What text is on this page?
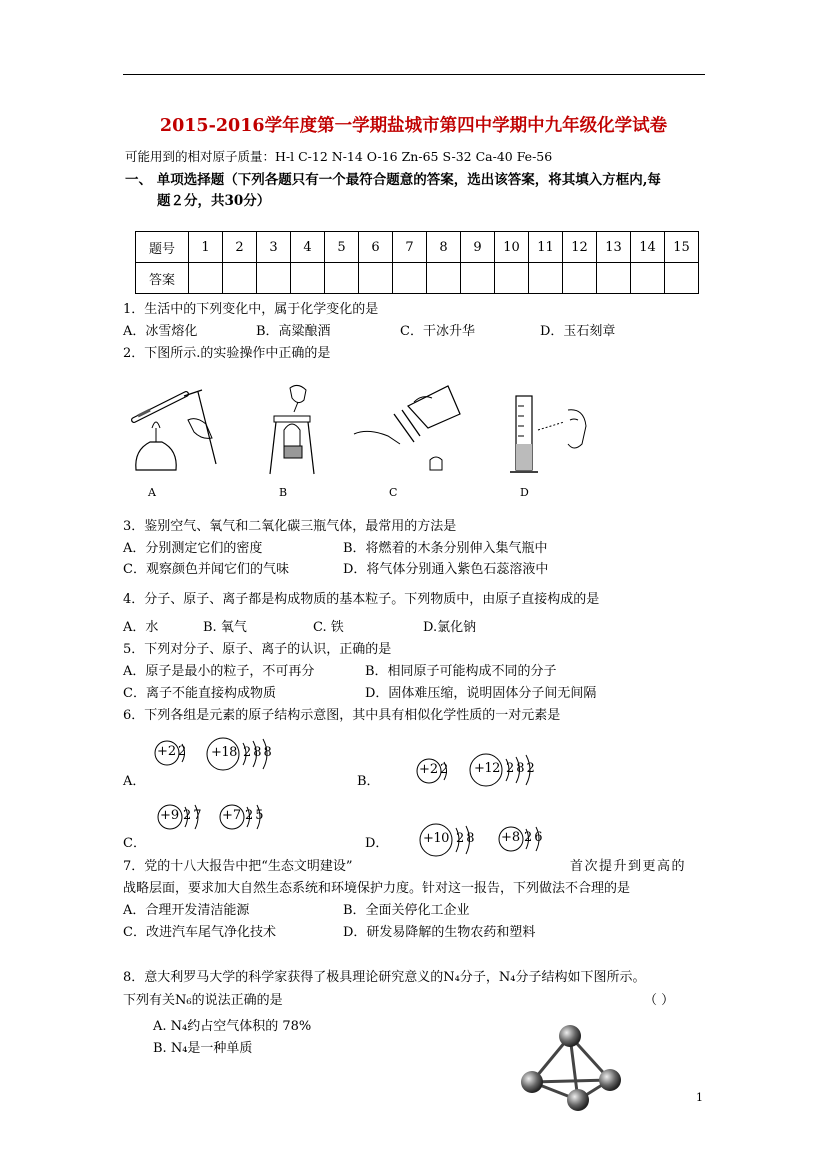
2015-2016学年度第一学期盐城市第四中学期中九年级化学试卷
可能用到的相对原子质量：H-l C-12 N-14 O-16 Zn-65 S-32 Ca-40 Fe-56
一、 单项选择题（下列各题只有一个最符合题意的答案，选出该答案，将其填入方框内,每
题２分，共30分）
题号	1	2	3	4	5	6	7	8	9	10	11	12	13	14	15
答案															
1．生活中的下列变化中，属于化学变化的是
A．冰雪熔化	B．高粱酿酒	C．干冰升华	D．玉石刻章
2．下图所示.的实验操作中正确的是
A	B	C	D
3．鉴别空气、氧气和二氧化碳三瓶气体，最常用的方法是
A．分别测定它们的密度	B．将燃着的木条分别伸入集气瓶中
C．观察颜色并闻它们的气味	D．将气体分别通入紫色石蕊溶液中
4．分子、原子、离子都是构成物质的基本粒子。下列物质中，由原子直接构成的是
A．水	B. 氧气	C. 铁	D.氯化钠
5．下列对分子、原子、离子的认识，正确的是
A．原子是最小的粒子，不可再分	B．相同原子可能构成不同的分子
C．离子不能直接构成物质	D．固体难压缩，说明固体分子间无间隔
6．下列各组是元素的原子结构示意图，其中具有相似化学性质的一对元素是
A．	B．
C．	D．
+2 2 +18 288
+2 2 +12 282
+9 27 +7 25
+10 28 +8 26
7．党的十八大报告中把“生态文明建设”	首次提升到更高的
战略层面，要求加大自然生态系统和环境保护力度。针对这一报告，下列做法不合理的是
A．合理开发清洁能源	B．全面关停化工企业
C．改进汽车尾气净化技术	D．研发易降解的生物农药和塑料
8．意大利罗马大学的科学家获得了极具理论研究意义的N₄分子，N₄分子结构如下图所示。
下列有关N₆的说法正确的是	（ ）
A. N₄约占空气体积的 78%
B. N₄是一种单质
1
